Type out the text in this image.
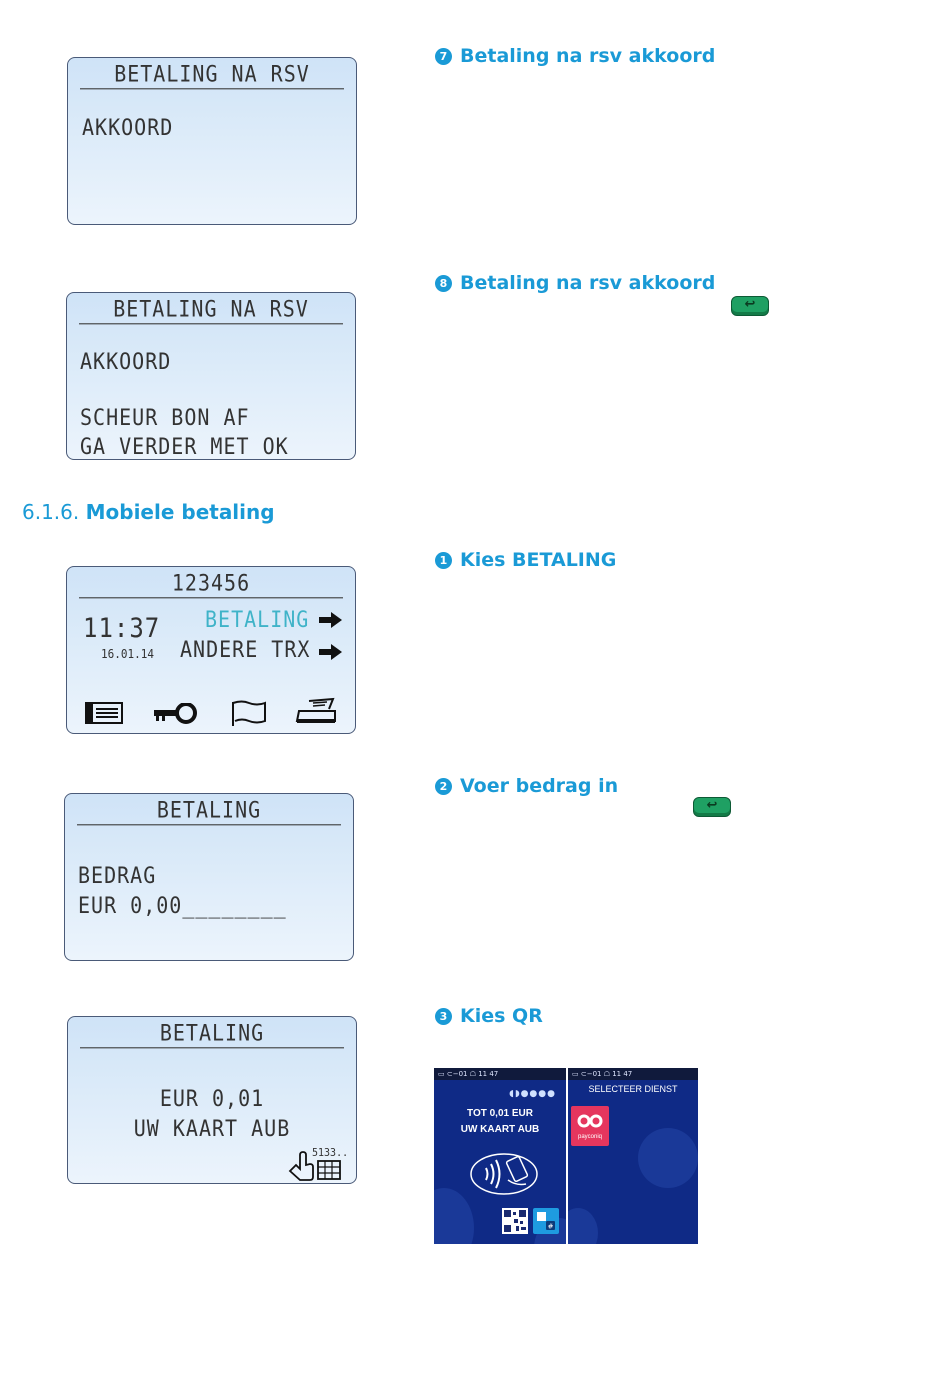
BETALING NA RSV
AKKOORD
7 Betaling na rsv akkoord
BETALING NA RSV
AKKOORD
SCHEUR BON AF
GA VERDER MET OK
8 Betaling na rsv akkoord
↩
6.1.6. Mobiele betaling
123456
11:37
16.01.14
BETALING
ANDERE TRX
1 Kies BETALING
BETALING
BEDRAG
EUR 0,00________
2 Voer bedrag in
↩
BETALING
EUR 0,01
UW KAART AUB
5133..
3 Kies QR
▭ ⊂−01 ☖ 11 47
◖◗●●●●
TOT 0,01 EUR
UW KAART AUB
#
▭ ⊂−01 ☖ 11 47
SELECTEER DIENST
payconiq
